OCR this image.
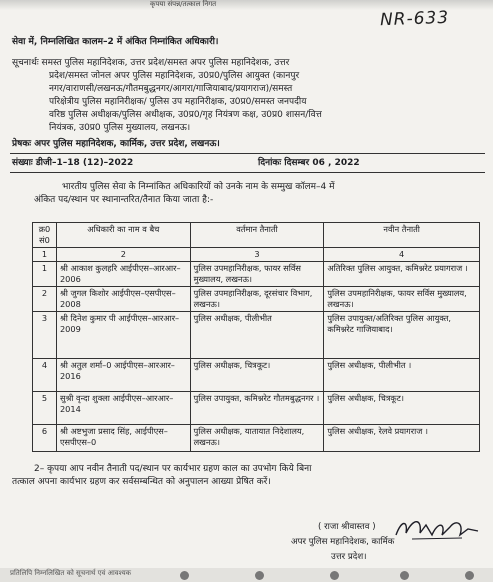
कृपया संपन्न/तत्काल निगत
NR-633
सेवा में, निम्नलिखित कालम–2 में अंकित निम्नांकित अधिकारी।
सूचनार्थः समस्त पुलिस महानिदेशक, उत्तर प्रदेश/समस्त अपर पुलिस महानिदेशक, उत्तर
प्रदेश/समस्त जोनल अपर पुलिस महानिदेशक, उ0प्र0/पुलिस आयुक्त (कानपुर
नगर/वाराणसी/लखनऊ/गौतमबुद्धनगर/आगरा/गाजियाबाद/प्रयागराज)/समस्त
परिक्षेत्रीय पुलिस महानिरीक्षक/ पुलिस उप महानिरीक्षक, उ0प्र0/समस्त जनपदीय
वरिष्ठ पुलिस अधीक्षक/पुलिस अधीक्षक, उ0प्र0/गृह नियंत्रण कक्ष, उ0प्र0 शासन/वित्त
नियंत्रक, उ0प्र0 पुलिस मुख्यालय, लखनऊ।
प्रेषकः अपर पुलिस महानिदेशक, कार्मिक, उत्तर प्रदेश, लखनऊ।
संख्याः डीजी–1–18 (12)–2022	दिनांकः दिसम्बर 06 , 2022
भारतीय पुलिस सेवा के निम्नांकित अधिकारियों को उनके नाम के सम्मुख कॉलम–4 में
अंकित पद/स्थान पर स्थानान्तरित/तैनात किया जाता है:-
क्र0 सं0	अधिकारी का नाम व बैच	वर्तमान तैनाती	नवीन तैनाती
1	2	3	4
1	श्री आकाश कुलहरि आईपीएस–आरआर–2006	पुलिस उपमहानिरीक्षक, फायर सर्विस मुख्यालय, लखनऊ।	अतिरिक्त पुलिस आयुक्त, कमिश्नरेट प्रयागराज ।
2	श्री जुगल किशोर आईपीएस–एसपीएस–2008	पुलिस उपमहानिरीक्षक, दूरसंचार विभाग, लखनऊ।	पुलिस उपमहानिरीक्षक, फायर सर्विस मुख्यालय, लखनऊ।
3	श्री दिनेश कुमार पी आईपीएस–आरआर–2009	पुलिस अधीक्षक, पीलीभीत	पुलिस उपायुक्त/अतिरिक्त पुलिस आयुक्त, कमिश्नरेट गाजियाबाद।
4	श्री अतुल शर्मा–0 आईपीएस–आरआर–2016	पुलिस अधीक्षक, चित्रकूट।	पुलिस अधीक्षक, पीलीभीत ।
5	सुश्री वृन्दा शुक्ला आईपीएस–आरआर–2014	पुलिस उपायुक्त, कमिश्नरेट गौतमबुद्धनगर ।	पुलिस अधीक्षक, चित्रकूट।
6	श्री अष्टभुजा प्रसाद सिंह, आईपीएस–एसपीएस–0	पुलिस अधीक्षक, यातायात निदेशालय, लखनऊ।	पुलिस अधीक्षक, रेलवे प्रयागराज ।
2– कृपया आप नवीन तैनाती पद/स्थान पर कार्यभार ग्रहण काल का उपभोग किये बिना
तत्काल अपना कार्यभार ग्रहण कर सर्वसम्बन्धित को अनुपालन आख्या प्रेषित करें।
( राजा श्रीवास्तव )
अपर पुलिस महानिदेशक, कार्मिक
उत्तर प्रदेश।
प्रतिलिपि निम्नलिखित को सूचनार्थ एवं आवश्यक
